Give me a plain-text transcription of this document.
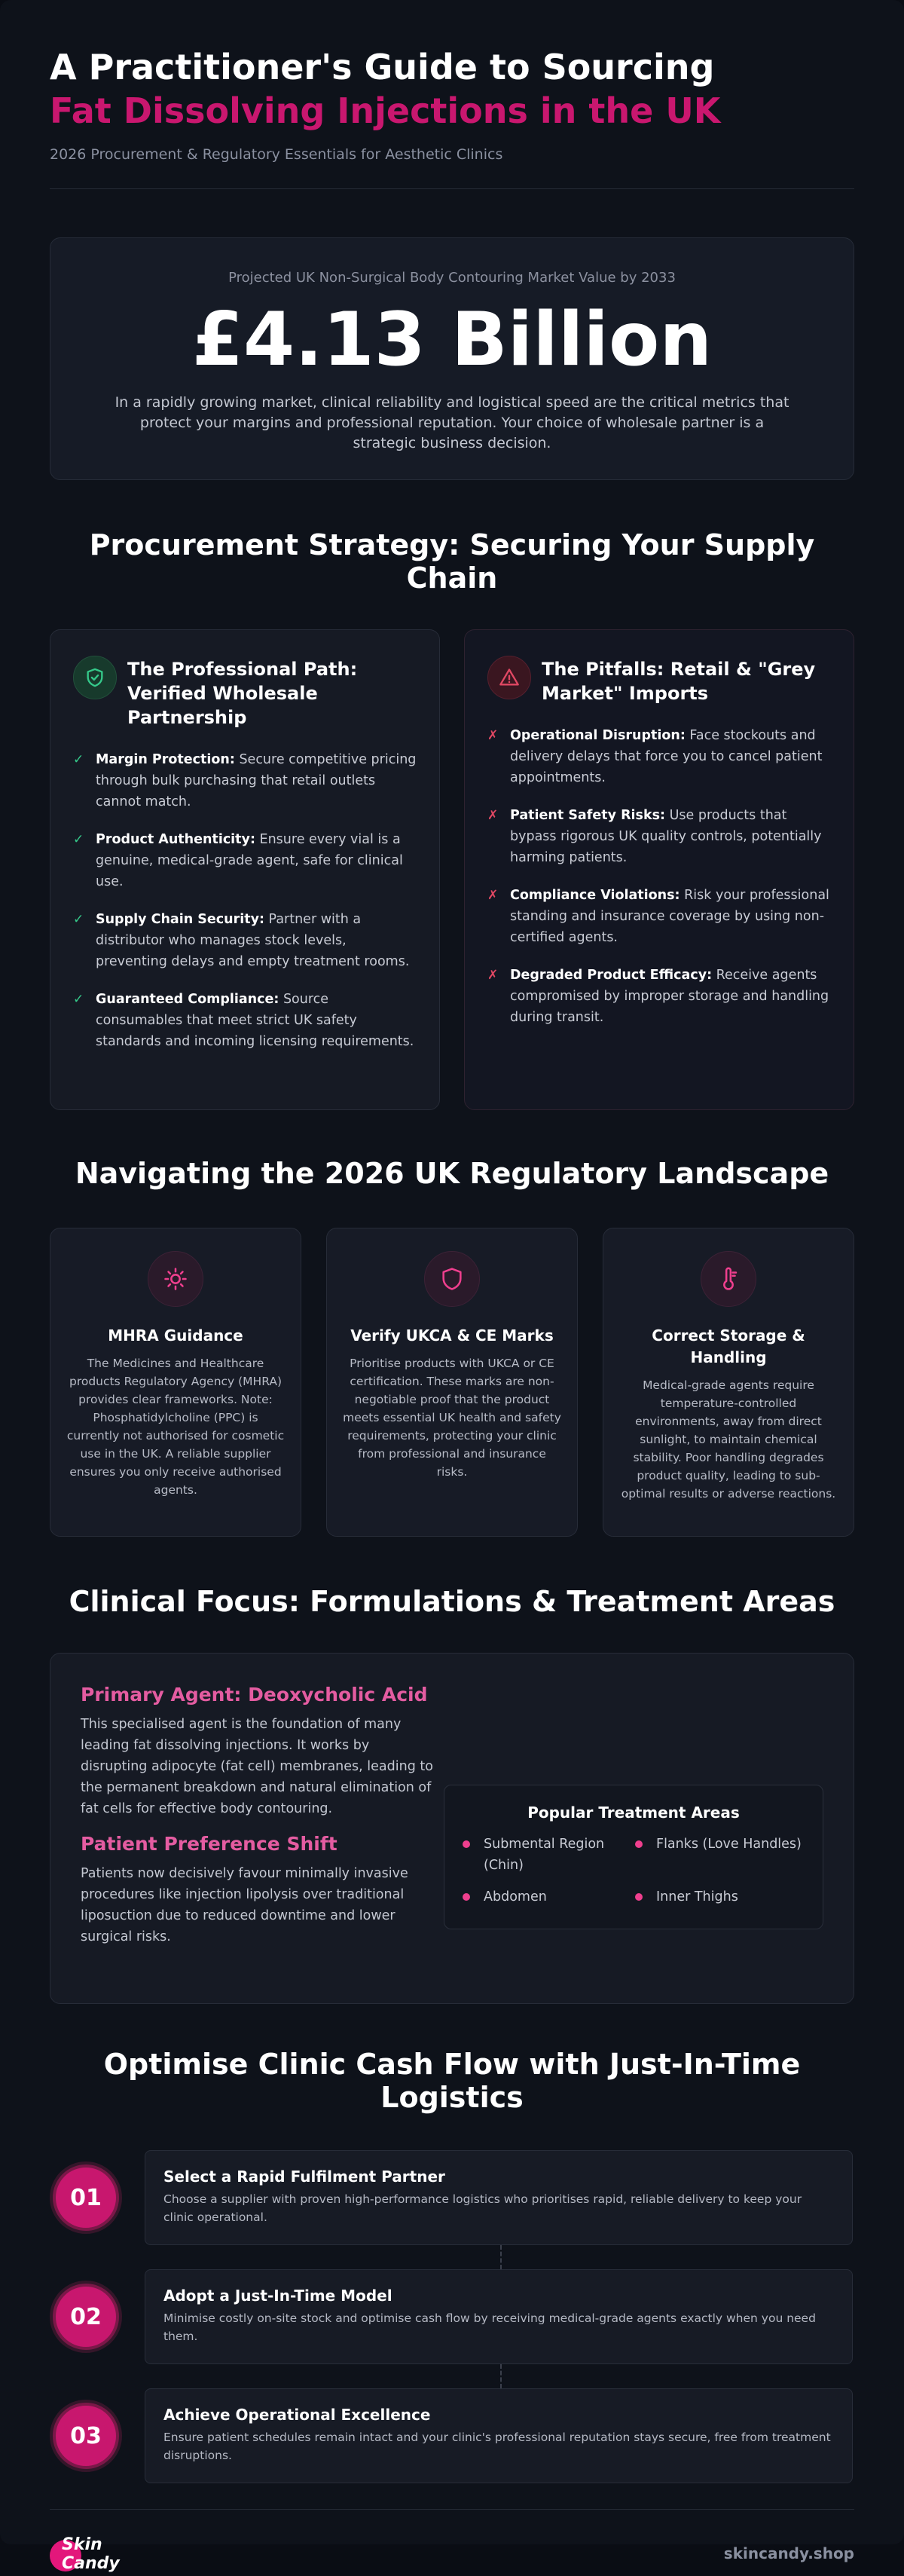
A Practitioner's Guide to Sourcing
Fat Dissolving Injections in the UK
2026 Procurement & Regulatory Essentials for Aesthetic Clinics
Projected UK Non-Surgical Body Contouring Market Value by 2033
£4.13 Billion
In a rapidly growing market, clinical reliability and logistical speed are the critical metrics that protect your margins and professional reputation. Your choice of wholesale partner is a strategic business decision.
Procurement Strategy: Securing Your Supply Chain
The Professional Path: Verified Wholesale Partnership
✓ Margin Protection: Secure competitive pricing through bulk purchasing that retail outlets cannot match.
✓ Product Authenticity: Ensure every vial is a genuine, medical-grade agent, safe for clinical use.
✓ Supply Chain Security: Partner with a distributor who manages stock levels, preventing delays and empty treatment rooms.
✓ Guaranteed Compliance: Source consumables that meet strict UK safety standards and incoming licensing requirements.
The Pitfalls: Retail & "Grey Market" Imports
✗ Operational Disruption: Face stockouts and delivery delays that force you to cancel patient appointments.
✗ Patient Safety Risks: Use products that bypass rigorous UK quality controls, potentially harming patients.
✗ Compliance Violations: Risk your professional standing and insurance coverage by using non-certified agents.
✗ Degraded Product Efficacy: Receive agents compromised by improper storage and handling during transit.
Navigating the 2026 UK Regulatory Landscape
MHRA Guidance
The Medicines and Healthcare products Regulatory Agency (MHRA) provides clear frameworks. Note: Phosphatidylcholine (PPC) is currently not authorised for cosmetic use in the UK. A reliable supplier ensures you only receive authorised agents.
Verify UKCA & CE Marks
Prioritise products with UKCA or CE certification. These marks are non-negotiable proof that the product meets essential UK health and safety requirements, protecting your clinic from professional and insurance risks.
Correct Storage & Handling
Medical-grade agents require temperature-controlled environments, away from direct sunlight, to maintain chemical stability. Poor handling degrades product quality, leading to sub-optimal results or adverse reactions.
Clinical Focus: Formulations & Treatment Areas
Primary Agent: Deoxycholic Acid
This specialised agent is the foundation of many leading fat dissolving injections. It works by disrupting adipocyte (fat cell) membranes, leading to the permanent breakdown and natural elimination of fat cells for effective body contouring.
Patient Preference Shift
Patients now decisively favour minimally invasive procedures like injection lipolysis over traditional liposuction due to reduced downtime and lower surgical risks.
Popular Treatment Areas
Submental Region (Chin)
Flanks (Love Handles)
Abdomen	Inner Thighs
Optimise Clinic Cash Flow with Just-In-Time Logistics
01
Select a Rapid Fulfilment Partner
Choose a supplier with proven high-performance logistics who prioritises rapid, reliable delivery to keep your clinic operational.
02
Adopt a Just-In-Time Model
Minimise costly on-site stock and optimise cash flow by receiving medical-grade agents exactly when you need them.
03
Achieve Operational Excellence
Ensure patient schedules remain intact and your clinic's professional reputation stays secure, free from treatment disruptions.
Skin
Candy
skincandy.shop
